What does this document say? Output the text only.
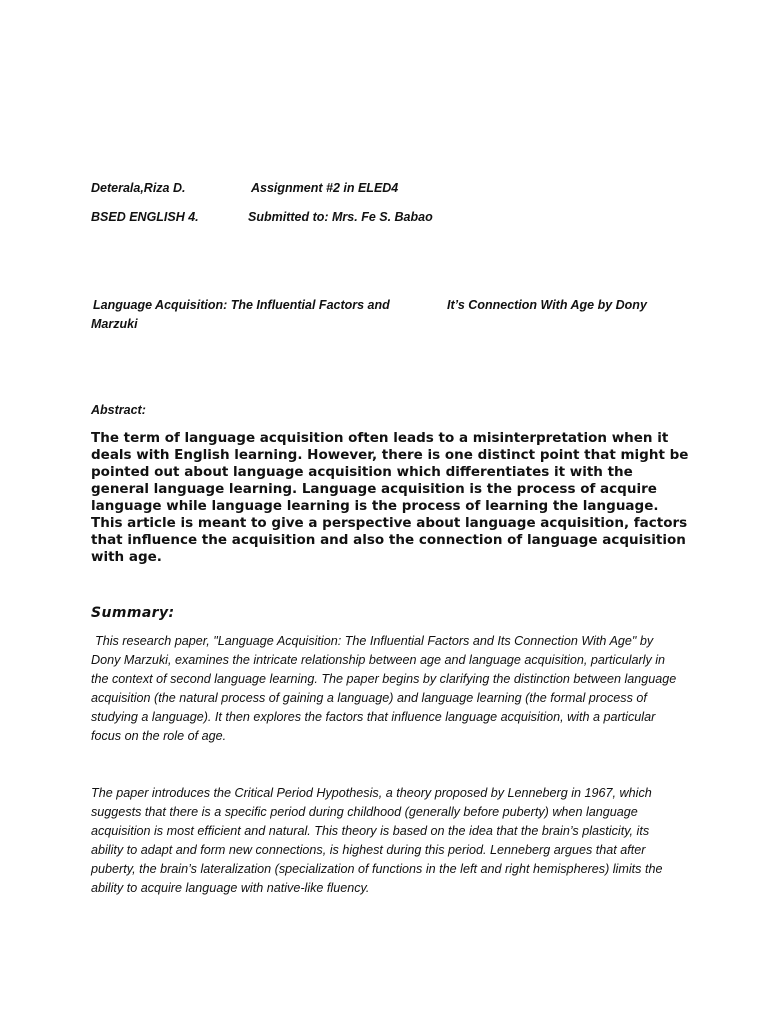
Deterala,Riza D.	Assignment #2 in ELED4
BSED ENGLISH 4.	Submitted to: Mrs. Fe S. Babao
Language Acquisition: The Influential Factors and	It’s Connection With Age by Dony
Marzuki
Abstract:
The term of language acquisition often leads to a misinterpretation when it deals with English learning. However, there is one distinct point that might be pointed out about language acquisition which differentiates it with the general language learning. Language acquisition is the process of acquire language while language learning is the process of learning the language. This article is meant to give a perspective about language acquisition, factors that influence the acquisition and also the connection of language acquisition with age.
Summary:
This research paper, "Language Acquisition: The Influential Factors and Its Connection With Age" by Dony Marzuki, examines the intricate relationship between age and language acquisition, particularly in the context of second language learning. The paper begins by clarifying the distinction between language acquisition (the natural process of gaining a language) and language learning (the formal process of studying a language). It then explores the factors that influence language acquisition, with a particular focus on the role of age.
The paper introduces the Critical Period Hypothesis, a theory proposed by Lenneberg in 1967, which suggests that there is a specific period during childhood (generally before puberty) when language acquisition is most efficient and natural. This theory is based on the idea that the brain’s plasticity, its ability to adapt and form new connections, is highest during this period. Lenneberg argues that after puberty, the brain’s lateralization (specialization of functions in the left and right hemispheres) limits the ability to acquire language with native-like fluency.
